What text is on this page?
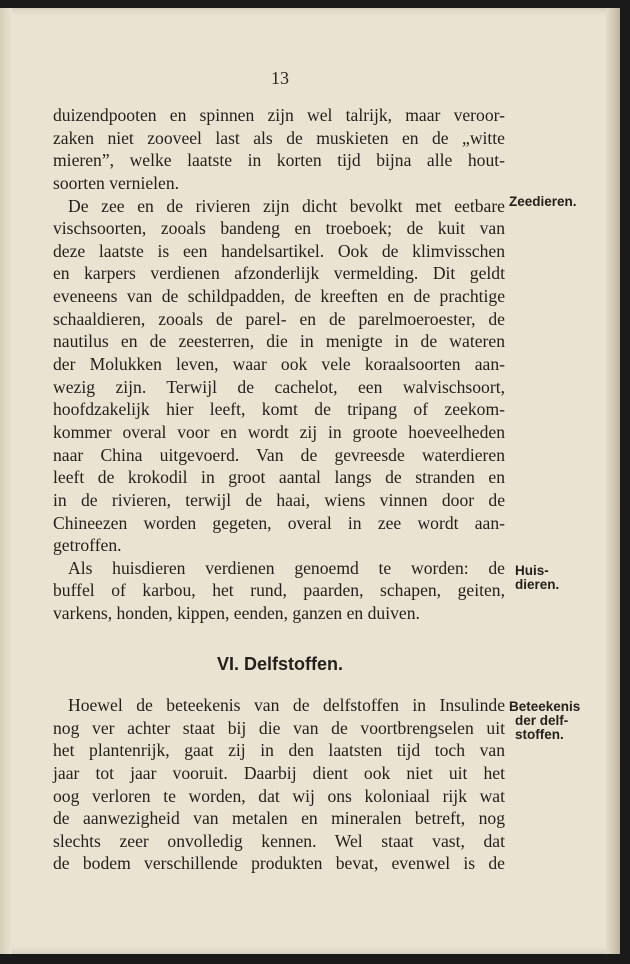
13
duizendpooten en spinnen zijn wel talrijk, maar veroor-
zaken niet zooveel last als de muskieten en de „witte
mieren”, welke laatste in korten tijd bijna alle hout-
soorten vernielen.
De zee en de rivieren zijn dicht bevolkt met eetbare
vischsoorten, zooals bandeng en troeboek; de kuit van
deze laatste is een handelsartikel. Ook de klimvisschen
en karpers verdienen afzonderlijk vermelding. Dit geldt
eveneens van de schildpadden, de kreeften en de prachtige
schaaldieren, zooals de parel- en de parelmoeroester, de
nautilus en de zeesterren, die in menigte in de wateren
der Molukken leven, waar ook vele koraalsoorten aan-
wezig zijn. Terwijl de cachelot, een walvischsoort,
hoofdzakelijk hier leeft, komt de tripang of zeekom-
kommer overal voor en wordt zij in groote hoeveelheden
naar China uitgevoerd. Van de gevreesde waterdieren
leeft de krokodil in groot aantal langs de stranden en
in de rivieren, terwijl de haai, wiens vinnen door de
Chineezen worden gegeten, overal in zee wordt aan-
getroffen.
Als huisdieren verdienen genoemd te worden: de
buffel of karbou, het rund, paarden, schapen, geiten,
varkens, honden, kippen, eenden, ganzen en duiven.
VI. Delfstoffen.
Hoewel de beteekenis van de delfstoffen in Insulinde
nog ver achter staat bij die van de voortbrengselen uit
het plantenrijk, gaat zij in den laatsten tijd toch van
jaar tot jaar vooruit. Daarbij dient ook niet uit het
oog verloren te worden, dat wij ons koloniaal rijk wat
de aanwezigheid van metalen en mineralen betreft, nog
slechts zeer onvolledig kennen. Wel staat vast, dat
de bodem verschillende produkten bevat, evenwel is de
Zeedieren.
Huis-
dieren.
Beteekenis
der delf-
stoffen.
